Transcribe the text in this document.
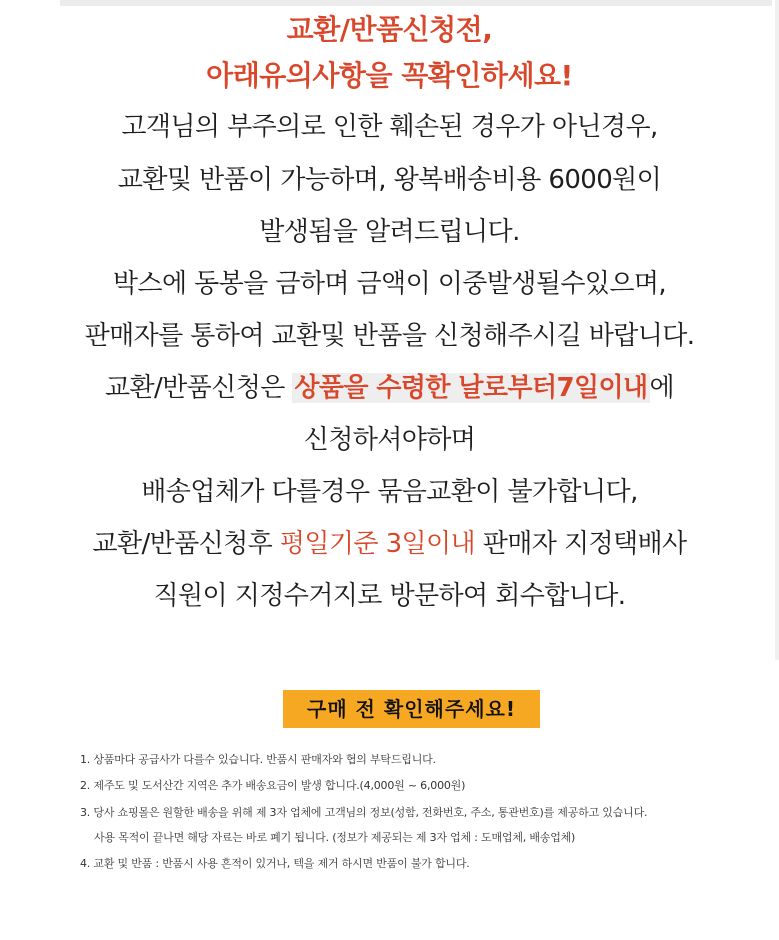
교환/반품신청전,
아래유의사항을 꼭확인하세요!
고객님의 부주의로 인한 훼손된 경우가 아닌경우,
교환및 반품이 가능하며, 왕복배송비용 6000원이
발생됨을 알려드립니다.
박스에 동봉을 금하며 금액이 이중발생될수있으며,
판매자를 통하여 교환및 반품을 신청해주시길 바랍니다.
교환/반품신청은 상품을 수령한 날로부터7일이내에
신청하셔야하며
배송업체가 다를경우 묶음교환이 불가합니다,
교환/반품신청후 평일기준 3일이내 판매자 지정택배사
직원이 지정수거지로 방문하여 회수합니다.
구매 전 확인해주세요!
1. 상품마다 공급사가 다를수 있습니다. 반품시 판매자와 협의 부탁드립니다.
2. 제주도 및 도서산간 지역은 추가 배송요금이 발생 합니다.(4,000원 ~ 6,000원)
3. 당사 쇼핑몰은 원할한 배송을 위해 제 3자 업체에 고객님의 정보(성함, 전화번호, 주소, 통관번호)를 제공하고 있습니다.
사용 목적이 끝나면 해당 자료는 바로 폐기 됩니다. (정보가 제공되는 제 3자 업체 : 도매업체, 배송업체)
4. 교환 및 반품 : 반품시 사용 흔적이 있거나, 텍을 제거 하시면 반품이 불가 합니다.
